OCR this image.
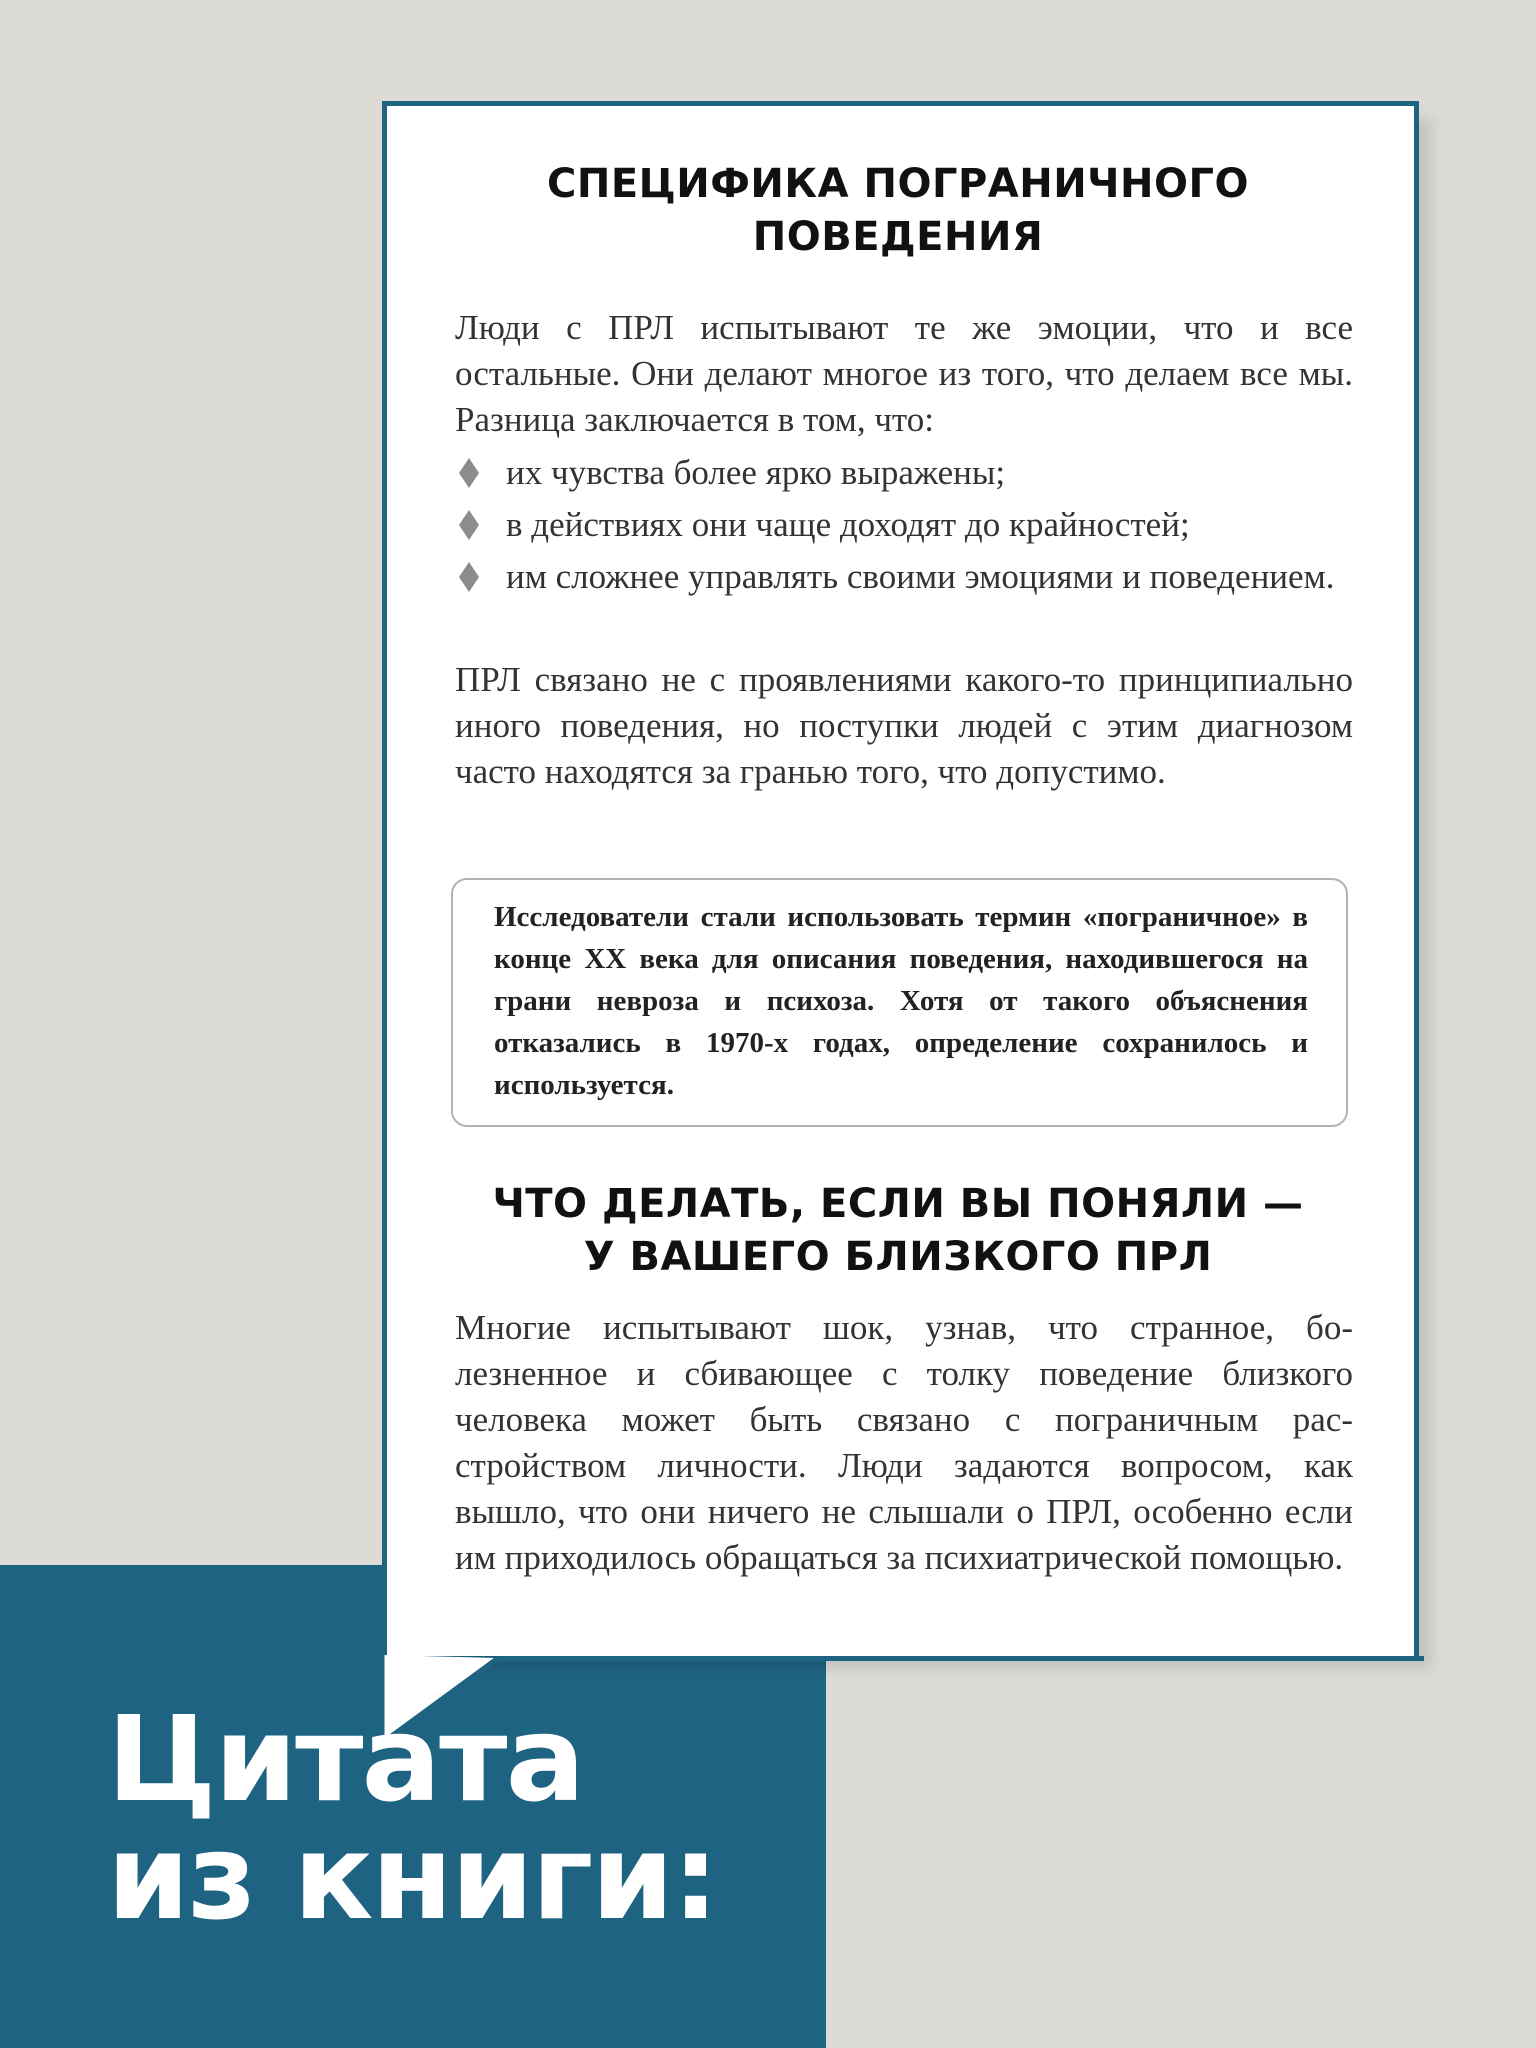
СПЕЦИФИКА ПОГРАНИЧНОГО
ПОВЕДЕНИЯ

Люди с ПРЛ испытывают те же эмоции, что и все остальные. Они делают многое из того, что делаем все мы. Разница заключается в том, что:

их чувства более ярко выражены;
в действиях они чаще доходят до крайностей;
им сложнее управлять своими эмоциями и поведением.

ПРЛ связано не с проявлениями какого-то принципиально иного поведения, но поступки людей с этим диагнозом часто находятся за гранью того, что допустимо.

Исследователи стали использовать термин «пограничное» в конце XX века для описания поведения, находившегося на грани невроза и психоза. Хотя от такого объяснения отказались в 1970-х годах, определение сохранилось и используется.

ЧТО ДЕЛАТЬ, ЕСЛИ ВЫ ПОНЯЛИ —
У ВАШЕГО БЛИЗКОГО ПРЛ

Многие испытывают шок, узнав, что странное, болезненное и сбивающее с толку поведение близкого человека может быть связано с пограничным расстройством личности. Люди задаются вопросом, как вышло, что они ничего не слышали о ПРЛ, особенно если им приходилось обращаться за психиатрической помощью.

Цитата
из книги:
